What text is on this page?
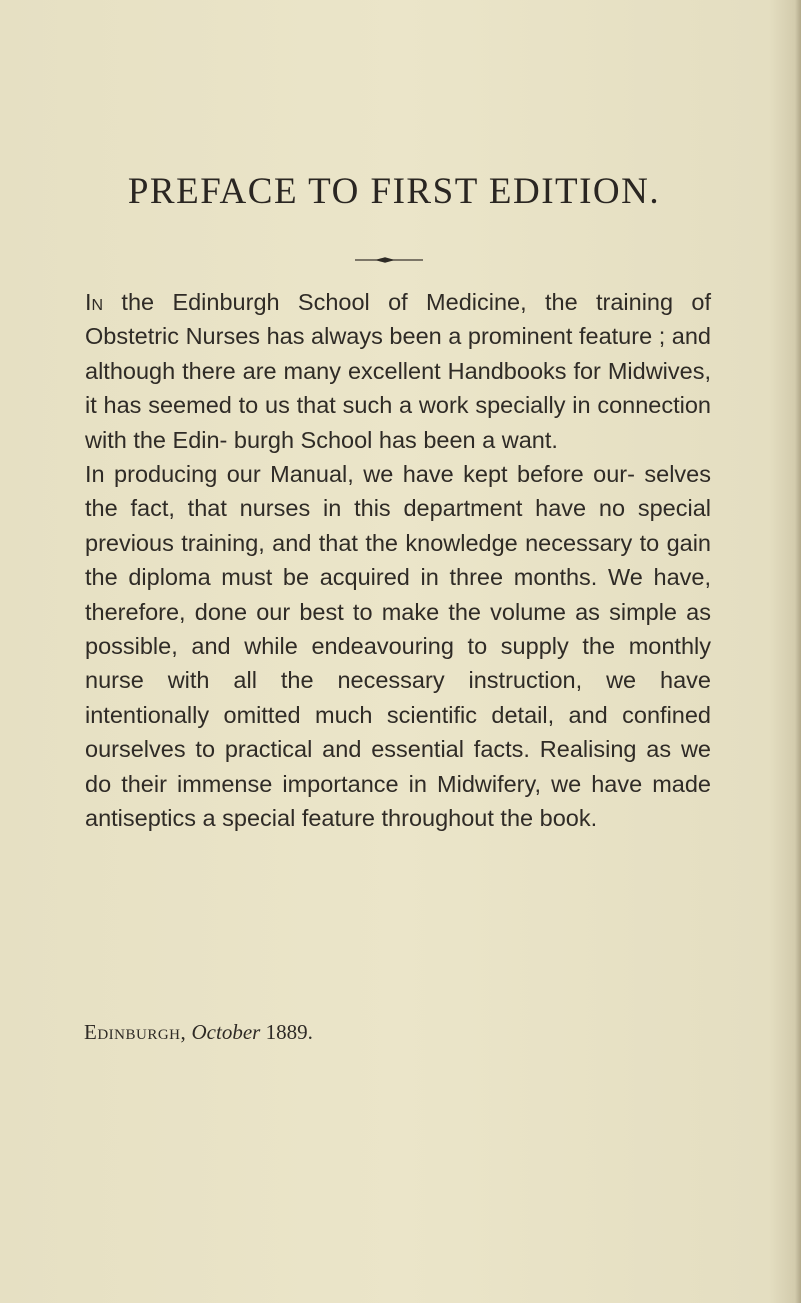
PREFACE TO FIRST EDITION.

In the Edinburgh School of Medicine, the training of Obstetric Nurses has always been a prominent feature ; and although there are many excellent Handbooks for Midwives, it has seemed to us that such a work specially in connection with the Edin- burgh School has been a want.

In producing our Manual, we have kept before our- selves the fact, that nurses in this department have no special previous training, and that the knowledge necessary to gain the diploma must be acquired in three months. We have, therefore, done our best to make the volume as simple as possible, and while endeavouring to supply the monthly nurse with all the necessary instruction, we have intentionally omitted much scientific detail, and confined ourselves to practical and essential facts. Realising as we do their immense importance in Midwifery, we have made antiseptics a special feature throughout the book.

Edinburgh, October 1889.
